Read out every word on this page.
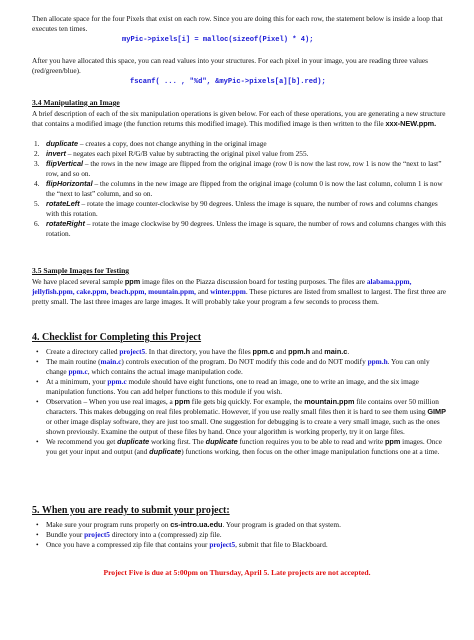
Then allocate space for the four Pixels that exist on each row. Since you are doing this for each row, the statement below is inside a loop that executes ten times.

myPic->pixels[i] = malloc(sizeof(Pixel) * 4);

After you have allocated this space, you can read values into your structures. For each pixel in your image, you are reading three values (red/green/blue).

fscanf( ... , "%d", &myPic->pixels[a][b].red);
3.4 Manipulating an Image

A brief description of each of the six manipulation operations is given below. For each of these operations, you are generating a new structure that contains a modified image (the function returns this modified image). This modified image is then written to the file xxx-NEW.ppm.

1. duplicate – creates a copy, does not change anything in the original image
2. invert – negates each pixel R/G/B value by subtracting the original pixel value from 255.
3. flipVertical – the rows in the new image are flipped from the original image (row 0 is now the last row, row 1 is now the “next to last” row, and so on.
4. flipHorizontal – the columns in the new image are flipped from the original image (column 0 is now the last column, column 1 is now the “next to last” column, and so on.
5. rotateLeft – rotate the image counter-clockwise by 90 degrees. Unless the image is square, the number of rows and columns changes with this rotation.
6. rotateRight – rotate the image clockwise by 90 degrees. Unless the image is square, the number of rows and columns changes with this rotation.
3.5 Sample Images for Testing

We have placed several sample ppm image files on the Piazza discussion board for testing purposes. The files are alabama.ppm, jellyfish.ppm, cake.ppm, beach.ppm, mountain.ppm, and winter.ppm. These pictures are listed from smallest to largest. The first three are pretty small. The last three images are large images. It will probably take your program a few seconds to process them.

4. Checklist for Completing this Project
• Create a directory called project5. In that directory, you have the files ppm.c and ppm.h and main.c.
• The main routine (main.c) controls execution of the program. Do NOT modify this code and do NOT modify ppm.h. You can only change ppm.c, which contains the actual image manipulation code.
• At a minimum, your ppm.c module should have eight functions, one to read an image, one to write an image, and the six image manipulation functions. You can add helper functions to this module if you wish.
• Observation – When you use real images, a ppm file gets big quickly. For example, the mountain.ppm file contains over 50 million characters. This makes debugging on real files problematic. However, if you use really small files then it is hard to see them using GIMP or other image display software, they are just too small. One suggestion for debugging is to create a very small image, such as the ones shown previously. Examine the output of these files by hand. Once your algorithm is working properly, try it on large files.
• We recommend you get duplicate working first. The duplicate function requires you to be able to read and write ppm images. Once you get your input and output (and duplicate) functions working, then focus on the other image manipulation functions one at a time.
5. When you are ready to submit your project:
• Make sure your program runs properly on cs-intro.ua.edu. Your program is graded on that system.
• Bundle your project5 directory into a (compressed) zip file.
• Once you have a compressed zip file that contains your project5, submit that file to Blackboard.
Project Five is due at 5:00pm on Thursday, April 5. Late projects are not accepted.
